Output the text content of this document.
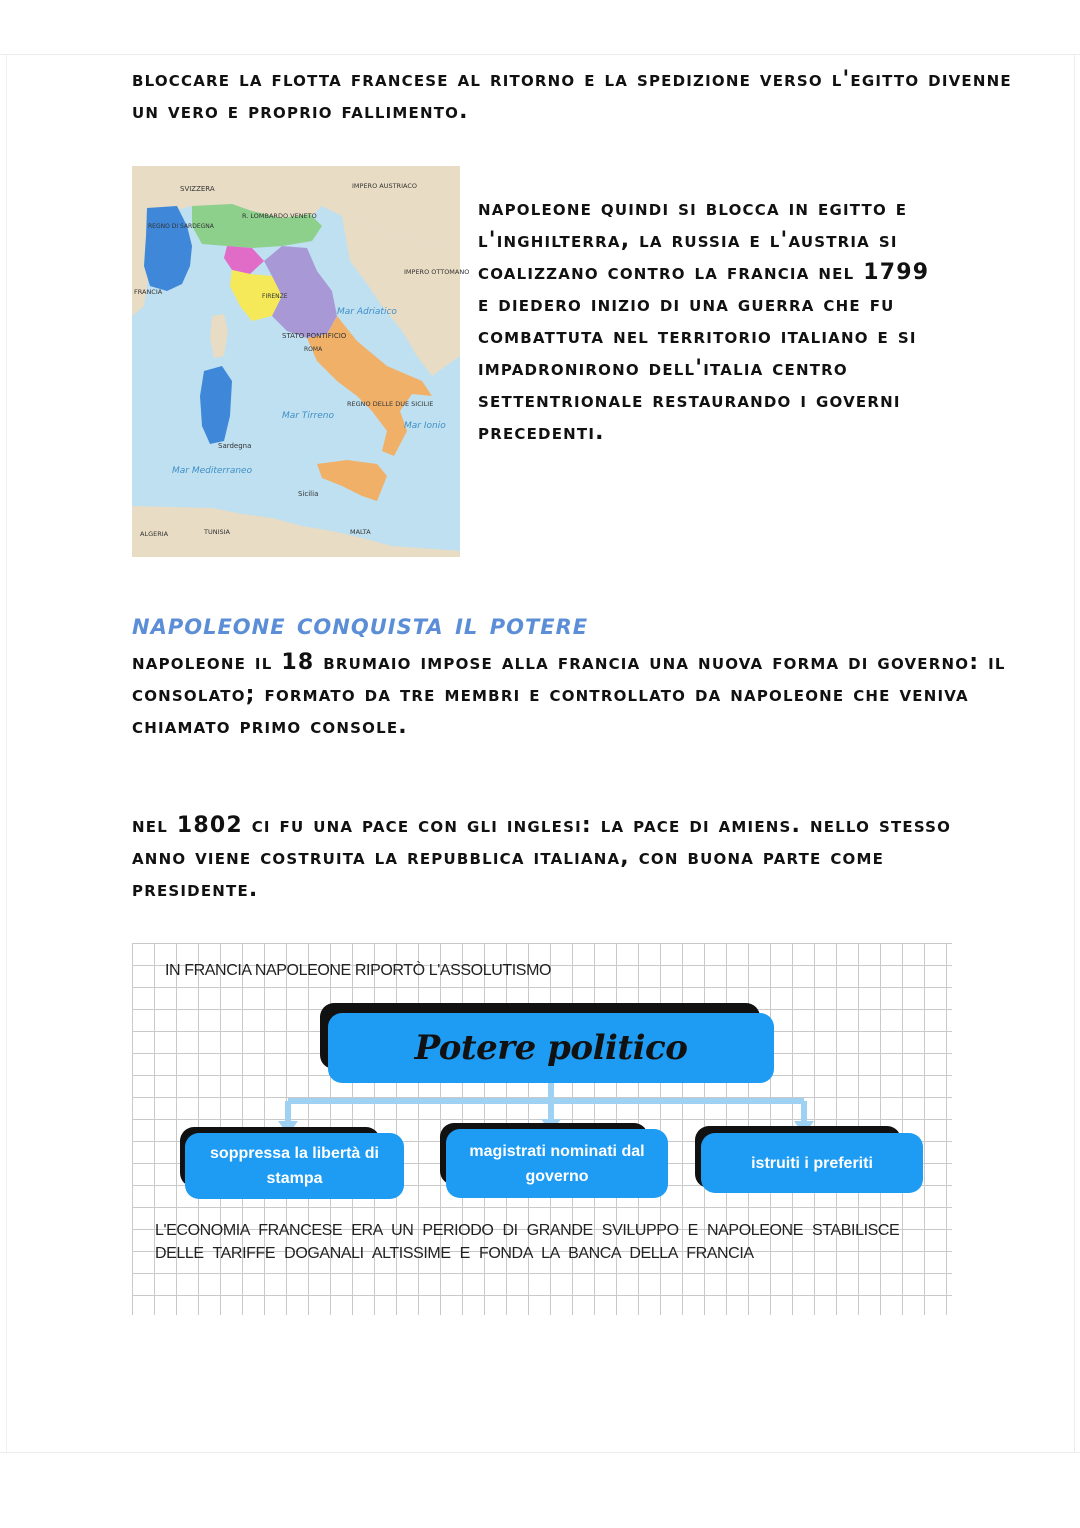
bloccare la flotta francese al ritorno e la spedizione verso l'egitto divenne un vero e proprio fallimento.

SVIZZERA	IMPERO AUSTRIACO
REGNO DI SARDEGNA
R. LOMBARDO VENETO
IMPERO OTTOMANO
FRANCIA
FIRENZE
STATO PONTIFICIO
ROMA
Mar Adriatico
REGNO DELLE DUE SICILIE
Mar Tirreno
Mar Ionio
Sardegna
Mar Mediterraneo
Sicilia
ALGERIA	TUNISIA	MALTA

napoleone quindi si blocca in egitto e l'inghilterra, la russia e l'austria si coalizzano contro la francia nel 1799 e diedero inizio di una guerra che fu combattuta nel territorio italiano e si impadronirono dell'italia centro settentrionale restaurando i governi precedenti.

napoleone conquista il potere

napoleone il 18 brumaio impose alla francia una nuova forma di governo: il consolato; formato da tre membri e controllato da napoleone che veniva chiamato primo console.

nel 1802 ci fu una pace con gli inglesi: la pace di amiens. nello stesso anno viene costruita la repubblica italiana, con buona parte come presidente.

IN FRANCIA NAPOLEONE RIPORTÒ L'ASSOLUTISMO

Potere politico
soppressa la libertà di stampa
magistrati nominati dal governo
istruiti i preferiti

L'ECONOMIA FRANCESE ERA UN PERIODO DI GRANDE SVILUPPO E NAPOLEONE STABILISCE DELLE TARIFFE DOGANALI ALTISSIME E FONDA LA BANCA DELLA FRANCIA
